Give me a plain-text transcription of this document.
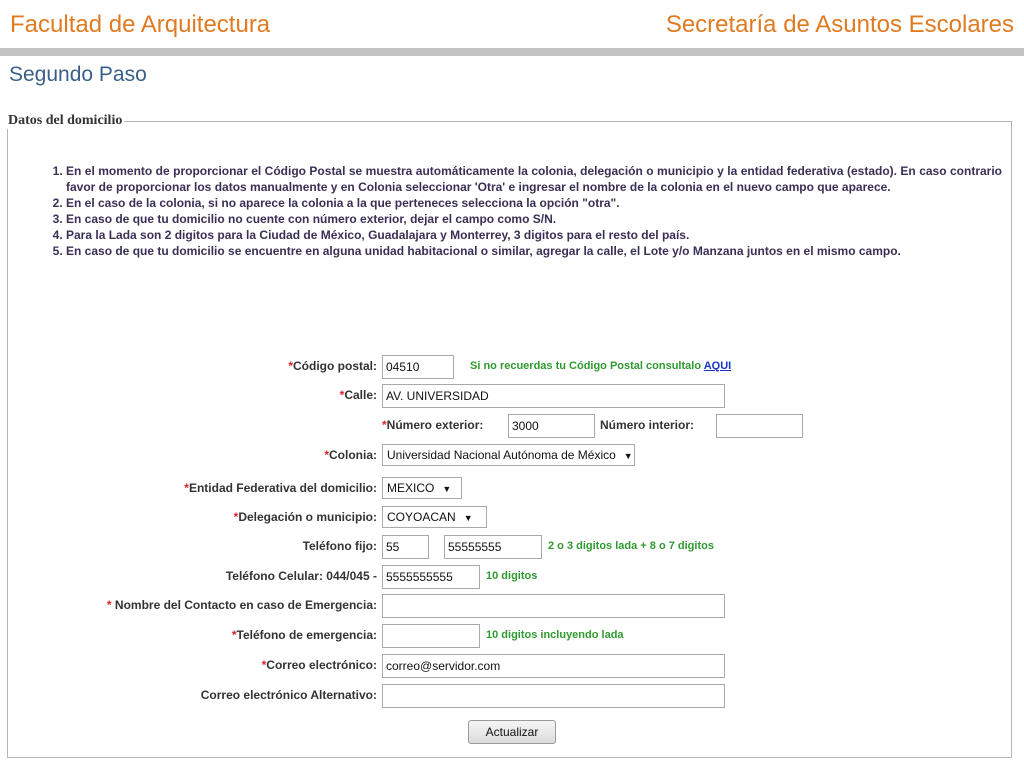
Facultad de Arquitectura	Secretaría de Asuntos Escolares
Segundo Paso
Datos del domicilio
1. En el momento de proporcionar el Código Postal se muestra automáticamente la colonia, delegación o municipio y la entidad federativa (estado). En caso contrario favor de proporcionar los datos manualmente y en Colonia seleccionar 'Otra' e ingresar el nombre de la colonia en el nuevo campo que aparece.
2. En el caso de la colonia, si no aparece la colonia a la que perteneces selecciona la opción "otra".
3. En caso de que tu domicilio no cuente con número exterior, dejar el campo como S/N.
4. Para la Lada son 2 digitos para la Ciudad de México, Guadalajara y Monterrey, 3 digitos para el resto del país.
5. En caso de que tu domicilio se encuentre en alguna unidad habitacional o similar, agregar la calle, el Lote y/o Manzana juntos en el mismo campo.
*Código postal: 04510	Si no recuerdas tu Código Postal consultalo AQUI
*Calle: AV. UNIVERSIDAD
*Número exterior:	3000	Número interior:
*Colonia: Universidad Nacional Autónoma de México ▼
*Entidad Federativa del domicilio: MEXICO ▼
*Delegación o municipio: COYOACAN ▼
Teléfono fijo: 55	55555555	2 o 3 digitos lada + 8 o 7 digitos
Teléfono Celular: 044/045 - 5555555555	10 digitos
* Nombre del Contacto en caso de Emergencia:
*Teléfono de emergencia:	10 digitos incluyendo lada
*Correo electrónico: correo@servidor.com
Correo electrónico Alternativo:
Actualizar
